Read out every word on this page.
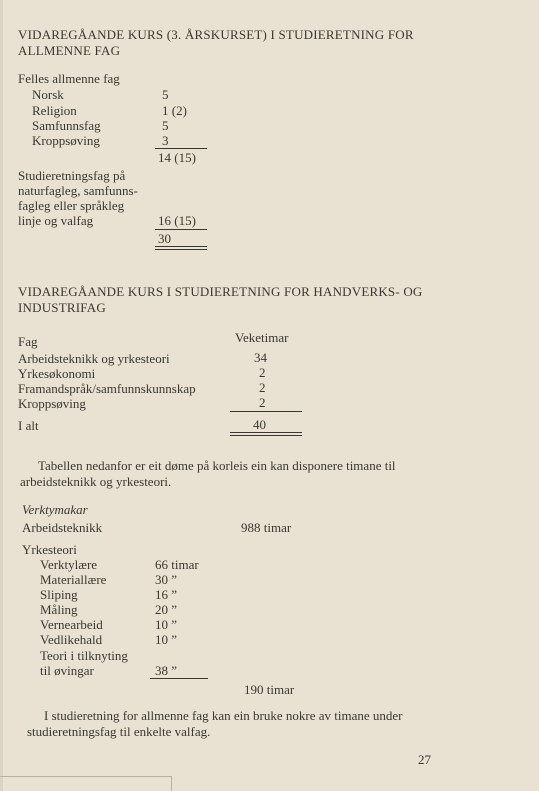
VIDAREGÅANDE KURS (3. ÅRSKURSET) I STUDIERETNING FOR
ALLMENNE FAG
Felles allmenne fag
Norsk	5
Religion	1 (2)
Samfunnsfag	5
Kroppsøving	3
14 (15)
Studieretningsfag på
naturfagleg, samfunns-
fagleg eller språkleg
linje og valfag	16 (15)
30
VIDAREGÅANDE KURS I STUDIERETNING FOR HANDVERKS- OG
INDUSTRIFAG
Fag	Veketimar
Arbeidsteknikk og yrkesteori	34
Yrkesøkonomi	2
Framandspråk/samfunnskunnskap	2
Kroppsøving	2
I alt	40
Tabellen nedanfor er eit døme på korleis ein kan disponere timane til
arbeidsteknikk og yrkesteori.
Verktymakar
Arbeidsteknikk	988 timar
Yrkesteori
Verktylære	66 timar
Materiallære	30 ”
Sliping	16 ”
Måling	20 ”
Vernearbeid	10 ”
Vedlikehald	10 ”
Teori i tilknyting
til øvingar	38 ”
190 timar
I studieretning for allmenne fag kan ein bruke nokre av timane under
studieretningsfag til enkelte valfag.
27
